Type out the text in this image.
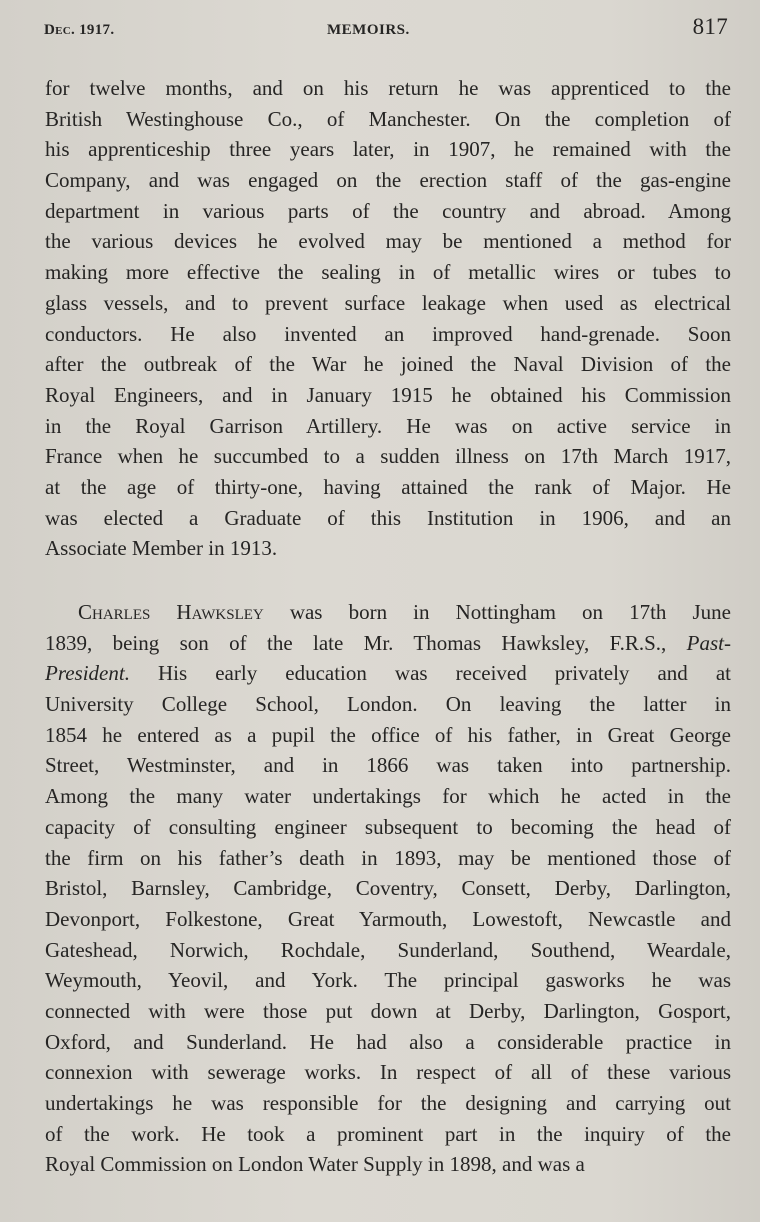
Dec. 1917.	MEMOIRS.	817
for twelve months, and on his return he was apprenticed to the
British Westinghouse Co., of Manchester. On the completion of
his apprenticeship three years later, in 1907, he remained with the
Company, and was engaged on the erection staff of the gas-engine
department in various parts of the country and abroad. Among
the various devices he evolved may be mentioned a method for
making more effective the sealing in of metallic wires or tubes to
glass vessels, and to prevent surface leakage when used as electrical
conductors. He also invented an improved hand-grenade. Soon
after the outbreak of the War he joined the Naval Division of the
Royal Engineers, and in January 1915 he obtained his Commission
in the Royal Garrison Artillery. He was on active service in
France when he succumbed to a sudden illness on 17th March 1917,
at the age of thirty-one, having attained the rank of Major. He
was elected a Graduate of this Institution in 1906, and an
Associate Member in 1913.
Charles Hawksley was born in Nottingham on 17th June
1839, being son of the late Mr. Thomas Hawksley, F.R.S., Past-
President. His early education was received privately and at
University College School, London. On leaving the latter in
1854 he entered as a pupil the office of his father, in Great George
Street, Westminster, and in 1866 was taken into partnership.
Among the many water undertakings for which he acted in the
capacity of consulting engineer subsequent to becoming the head of
the firm on his father’s death in 1893, may be mentioned those of
Bristol, Barnsley, Cambridge, Coventry, Consett, Derby, Darlington,
Devonport, Folkestone, Great Yarmouth, Lowestoft, Newcastle and
Gateshead, Norwich, Rochdale, Sunderland, Southend, Weardale,
Weymouth, Yeovil, and York. The principal gasworks he was
connected with were those put down at Derby, Darlington, Gosport,
Oxford, and Sunderland. He had also a considerable practice in
connexion with sewerage works. In respect of all of these various
undertakings he was responsible for the designing and carrying out
of the work. He took a prominent part in the inquiry of the
Royal Commission on London Water Supply in 1898, and was a
